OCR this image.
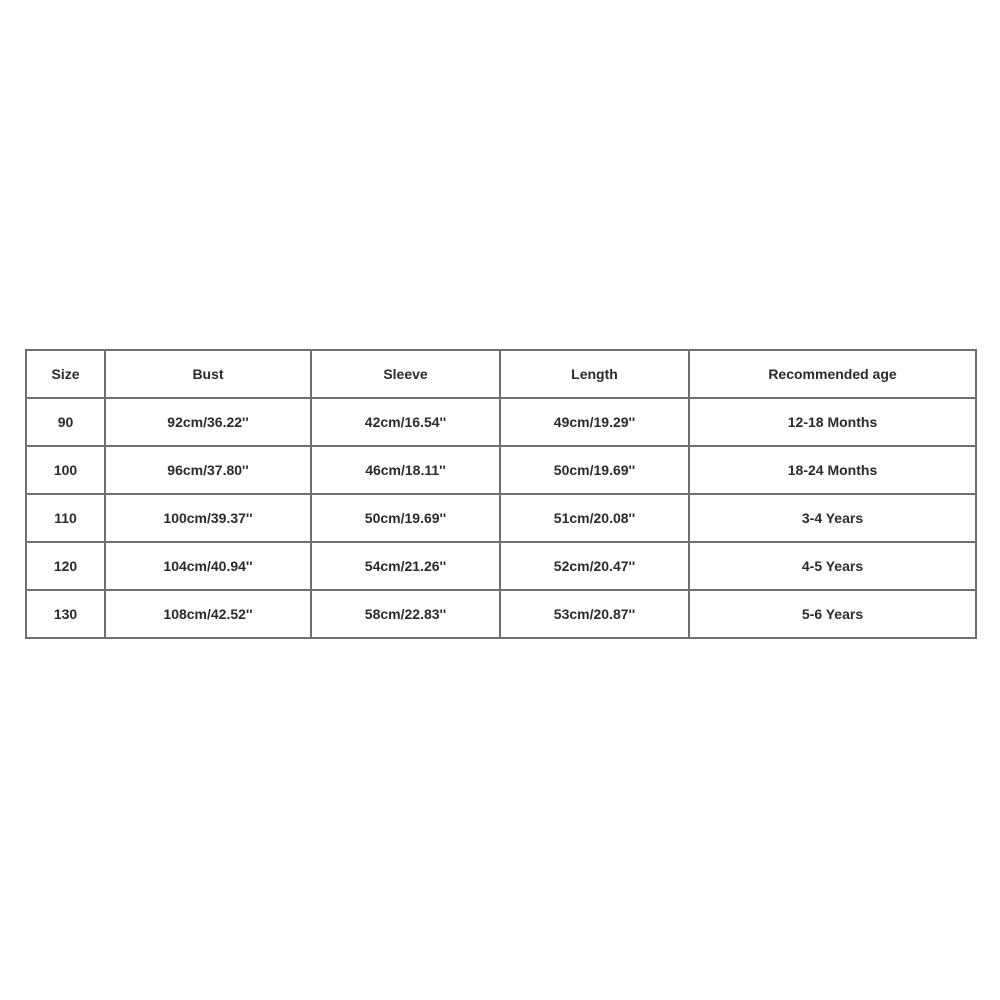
Size	Bust	Sleeve	Length	Recommended age
90	92cm/36.22''	42cm/16.54''	49cm/19.29''	12-18 Months
100	96cm/37.80''	46cm/18.11''	50cm/19.69''	18-24 Months
110	100cm/39.37''	50cm/19.69''	51cm/20.08''	3-4 Years
120	104cm/40.94''	54cm/21.26''	52cm/20.47''	4-5 Years
130	108cm/42.52''	58cm/22.83''	53cm/20.87''	5-6 Years
